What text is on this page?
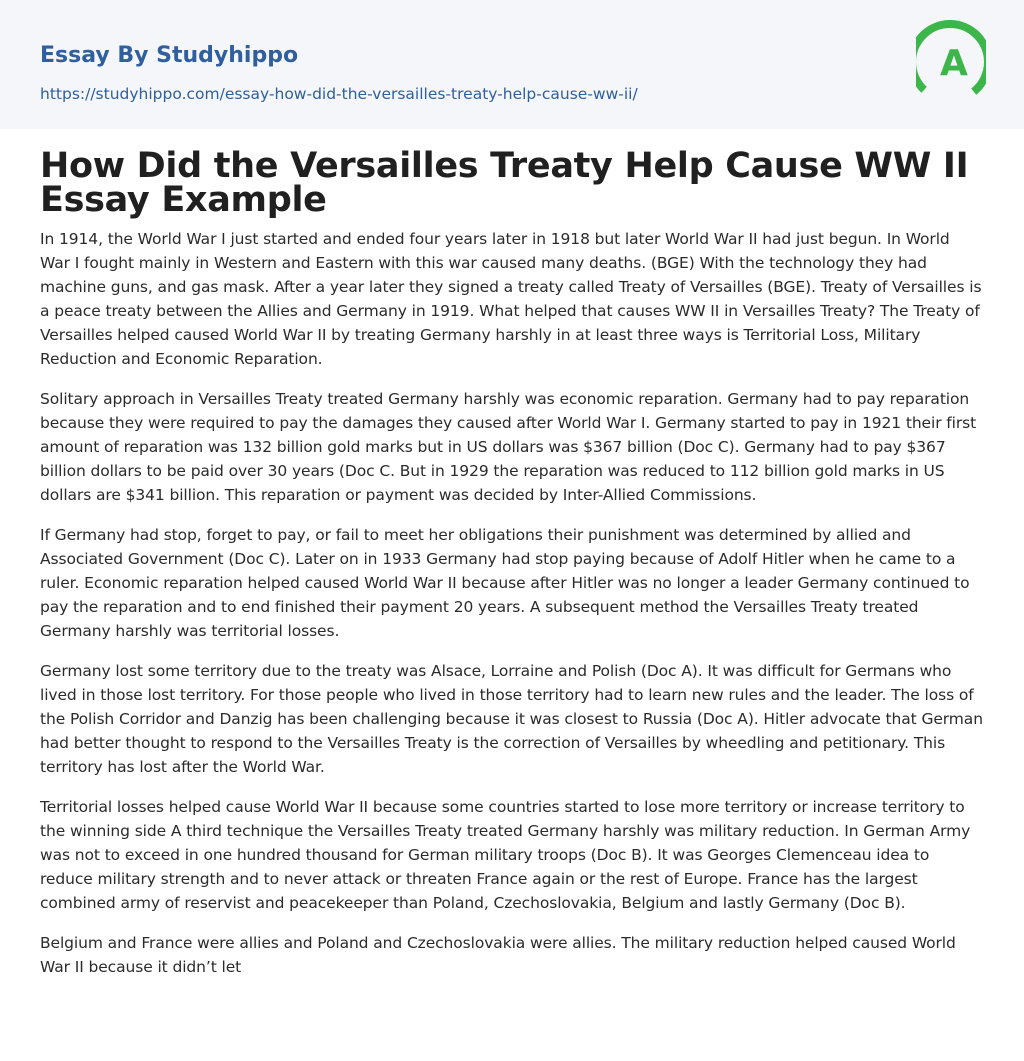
Essay By Studyhippo
https://studyhippo.com/essay-how-did-the-versailles-treaty-help-cause-ww-ii/
A
How Did the Versailles Treaty Help Cause WW II Essay Example

In 1914, the World War I just started and ended four years later in 1918 but later World War II had just begun. In World War I fought mainly in Western and Eastern with this war caused many deaths. (BGE) With the technology they had machine guns, and gas mask. After a year later they signed a treaty called Treaty of Versailles (BGE). Treaty of Versailles is a peace treaty between the Allies and Germany in 1919. What helped that causes WW II in Versailles Treaty? The Treaty of Versailles helped caused World War II by treating Germany harshly in at least three ways is Territorial Loss, Military Reduction and Economic Reparation.

Solitary approach in Versailles Treaty treated Germany harshly was economic reparation. Germany had to pay reparation because they were required to pay the damages they caused after World War I. Germany started to pay in 1921 their first amount of reparation was 132 billion gold marks but in US dollars was $367 billion (Doc C). Germany had to pay $367 billion dollars to be paid over 30 years (Doc C. But in 1929 the reparation was reduced to 112 billion gold marks in US dollars are $341 billion. This reparation or payment was decided by Inter-Allied Commissions.

If Germany had stop, forget to pay, or fail to meet her obligations their punishment was determined by allied and Associated Government (Doc C). Later on in 1933 Germany had stop paying because of Adolf Hitler when he came to a ruler. Economic reparation helped caused World War II because after Hitler was no longer a leader Germany continued to pay the reparation and to end finished their payment 20 years. A subsequent method the Versailles Treaty treated Germany harshly was territorial losses.

Germany lost some territory due to the treaty was Alsace, Lorraine and Polish (Doc A). It was difficult for Germans who lived in those lost territory. For those people who lived in those territory had to learn new rules and the leader. The loss of the Polish Corridor and Danzig has been challenging because it was closest to Russia (Doc A). Hitler advocate that German had better thought to respond to the Versailles Treaty is the correction of Versailles by wheedling and petitionary. This territory has lost after the World War.

Territorial losses helped cause World War II because some countries started to lose more territory or increase territory to the winning side A third technique the Versailles Treaty treated Germany harshly was military reduction. In German Army was not to exceed in one hundred thousand for German military troops (Doc B). It was Georges Clemenceau idea to reduce military strength and to never attack or threaten France again or the rest of Europe. France has the largest combined army of reservist and peacekeeper than Poland, Czechoslovakia, Belgium and lastly Germany (Doc B).

Belgium and France were allies and Poland and Czechoslovakia were allies. The military reduction helped caused World War II because it didn’t let
